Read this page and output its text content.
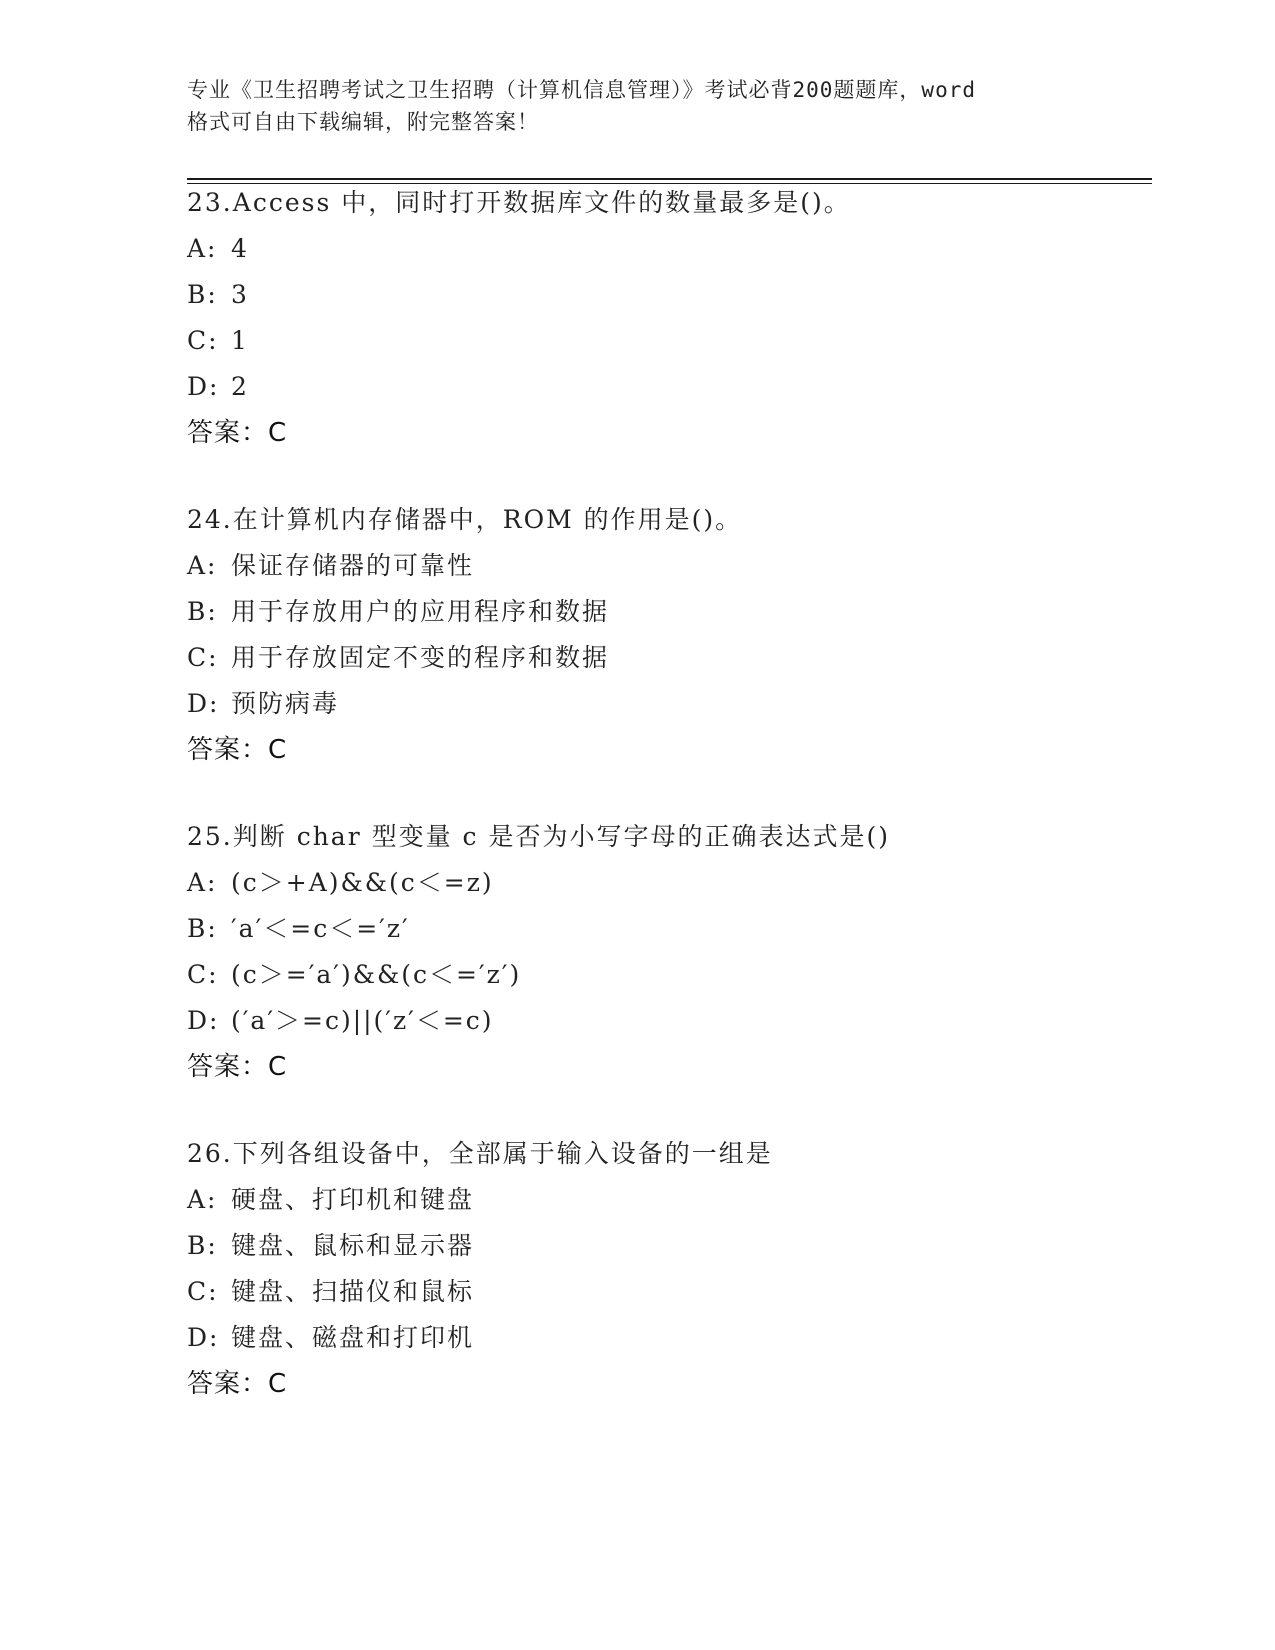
专业《卫生招聘考试之卫生招聘（计算机信息管理）》考试必背200题题库，word
格式可自由下载编辑，附完整答案！
23.Access 中，同时打开数据库文件的数量最多是()。
A: 4
B: 3
C: 1
D: 2
答案：C
24.在计算机内存储器中，ROM 的作用是()。
A: 保证存储器的可靠性
B: 用于存放用户的应用程序和数据
C: 用于存放固定不变的程序和数据
D: 预防病毒
答案：C
25.判断 char 型变量 c 是否为小写字母的正确表达式是()
A: (c＞+A)&&(c＜=z)
B: ′a′＜=c＜=′z′
C: (c＞=′a′)&&(c＜=′z′)
D: (′a′＞=c)||(′z′＜=c)
答案：C
26.下列各组设备中，全部属于输入设备的一组是
A: 硬盘、打印机和键盘
B: 键盘、鼠标和显示器
C: 键盘、扫描仪和鼠标
D: 键盘、磁盘和打印机
答案：C
